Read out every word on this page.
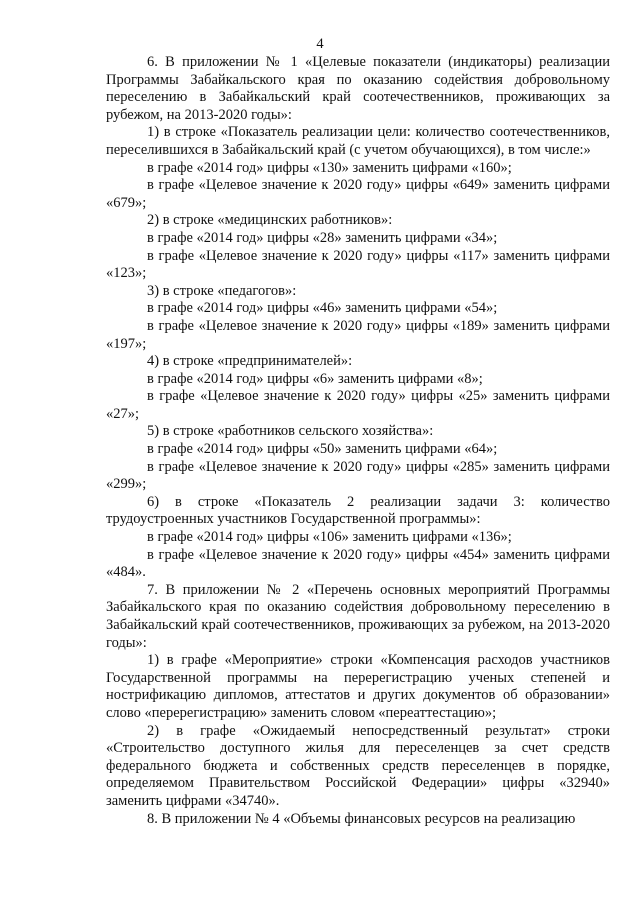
4

6. В приложении № 1 «Целевые показатели (индикаторы) реализации Программы Забайкальского края по оказанию содействия добровольному переселению в Забайкальский край соотечественников, проживающих за рубежом, на 2013-2020 годы»:

1) в строке «Показатель реализации цели: количество соотечественников, переселившихся в Забайкальский край (с учетом обучающихся), в том числе:»

в графе «2014 год» цифры «130» заменить цифрами «160»;

в графе «Целевое значение к 2020 году» цифры «649» заменить цифрами «679»;

2) в строке «медицинских работников»:

в графе «2014 год» цифры «28» заменить цифрами «34»;

в графе «Целевое значение к 2020 году» цифры «117» заменить цифрами «123»;

3) в строке «педагогов»:

в графе «2014 год» цифры «46» заменить цифрами «54»;

в графе «Целевое значение к 2020 году» цифры «189» заменить цифрами «197»;

4) в строке «предпринимателей»:

в графе «2014 год» цифры «6» заменить цифрами «8»;

в графе «Целевое значение к 2020 году» цифры «25» заменить цифрами «27»;

5) в строке «работников сельского хозяйства»:

в графе «2014 год» цифры «50» заменить цифрами «64»;

в графе «Целевое значение к 2020 году» цифры «285» заменить цифрами «299»;

6) в строке «Показатель 2 реализации задачи 3: количество трудоустроенных участников Государственной программы»:

в графе «2014 год» цифры «106» заменить цифрами «136»;

в графе «Целевое значение к 2020 году» цифры «454» заменить цифрами «484».

7. В приложении № 2 «Перечень основных мероприятий Программы Забайкальского края по оказанию содействия добровольному переселению в Забайкальский край соотечественников, проживающих за рубежом, на 2013-2020 годы»:

1) в графе «Мероприятие» строки «Компенсация расходов участников Государственной программы на перерегистрацию ученых степеней и нострификацию дипломов, аттестатов и других документов об образовании» слово «перерегистрацию» заменить словом «переаттестацию»;

2) в графе «Ожидаемый непосредственный результат» строки «Строительство доступного жилья для переселенцев за счет средств федерального бюджета и собственных средств переселенцев в порядке, определяемом Правительством Российской Федерации» цифры «32940» заменить цифрами «34740».

8. В приложении № 4 «Объемы финансовых ресурсов на реализацию
